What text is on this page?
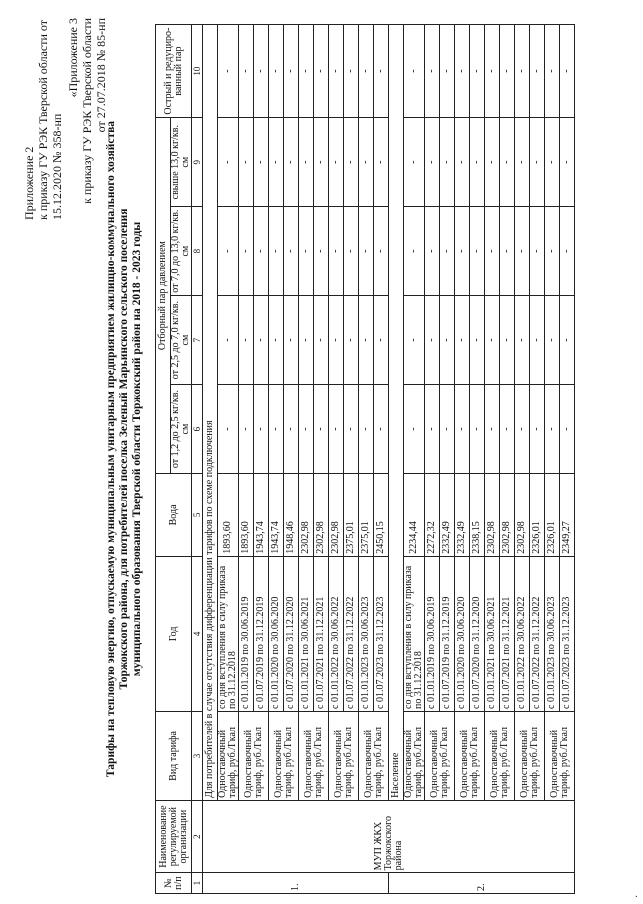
Приложение 2 к приказу ГУ РЭК Тверской области от 15.12.2020 № 358-нп
«Приложение 3 к приказу ГУ РЭК Тверской области от 27.07.2018 № 85-нп
Тарифы на тепловую энергию, отпускаемую муниципальным унитарным предприятием жилищно-коммунального хозяйства Торжокского района, для потребителей поселка Зеленый Марьинского сельского поселения муниципального образования Тверской области Торжокский район на 2018 - 2023 годы
№ п/п	Наименование регулируемой организации	Вид тарифа	Год	Вода	Отборный пар давлением				Острый и редуциро-ванный пар
					от 1,2 до 2,5 кг/кв. см	от 2,5 до 7,0 кг/кв. см	от 7,0 до 13,0 кг/кв. см	свыше 13,0 кг/кв. см	
1	2	3	4	5	6	7	8	9	10
1.	МУП ЖКХ Торжокского района	Для потребителей в случае отсутствия дифференциации тарифов по схеме подключения							
		Одноставочный тариф, руб./Гкал	со дня вступления в силу приказа по 31.12.2018	1893,60	-	-	-	-	-
		Одноставочный тариф, руб./Гкал	с 01.01.2019 по 30.06.2019	1893,60	-	-	-	-	-
			с 01.07.2019 по 31.12.2019	1943,74	-	-	-	-	-
		Одноставочный тариф, руб./Гкал	с 01.01.2020 по 30.06.2020	1943,74	-	-	-	-	-
			с 01.07.2020 по 31.12.2020	1948,46	-	-	-	-	-
		Одноставочный тариф, руб./Гкал	с 01.01.2021 по 30.06.2021	2302,98	-	-	-	-	-
			с 01.07.2021 по 31.12.2021	2302,98	-	-	-	-	-
		Одноставочный тариф, руб./Гкал	с 01.01.2022 по 30.06.2022	2302,98	-	-	-	-	-
			с 01.07.2022 по 31.12.2022	2375,01	-	-	-	-	-
		Одноставочный тариф, руб./Гкал	с 01.01.2023 по 30.06.2023	2375,01	-	-	-	-	-
			с 01.07.2023 по 31.12.2023	2450,15	-	-	-	-	-
2.		Население							
		Одноставочный тариф, руб./Гкал	со дня вступления в силу приказа по 31.12.2018	2234,44	-	-	-	-	-
		Одноставочный тариф, руб./Гкал	с 01.01.2019 по 30.06.2019	2272,32	-	-	-	-	-
			с 01.07.2019 по 31.12.2019	2332,49	-	-	-	-	-
		Одноставочный тариф, руб./Гкал	с 01.01.2020 по 30.06.2020	2332,49	-	-	-	-	-
			с 01.07.2020 по 31.12.2020	2338,15	-	-	-	-	-
		Одноставочный тариф, руб./Гкал	с 01.01.2021 по 30.06.2021	2302,98	-	-	-	-	-
			с 01.07.2021 по 31.12.2021	2302,98	-	-	-	-	-
		Одноставочный тариф, руб./Гкал	с 01.01.2022 по 30.06.2022	2302,98	-	-	-	-	-
			с 01.07.2022 по 31.12.2022	2326,01	-	-	-	-	-
		Одноставочный тариф, руб./Гкал	с 01.01.2023 по 30.06.2023	2326,01	-	-	-	-	-
			с 01.07.2023 по 31.12.2023	2349,27	-	-	-	-	-
·
